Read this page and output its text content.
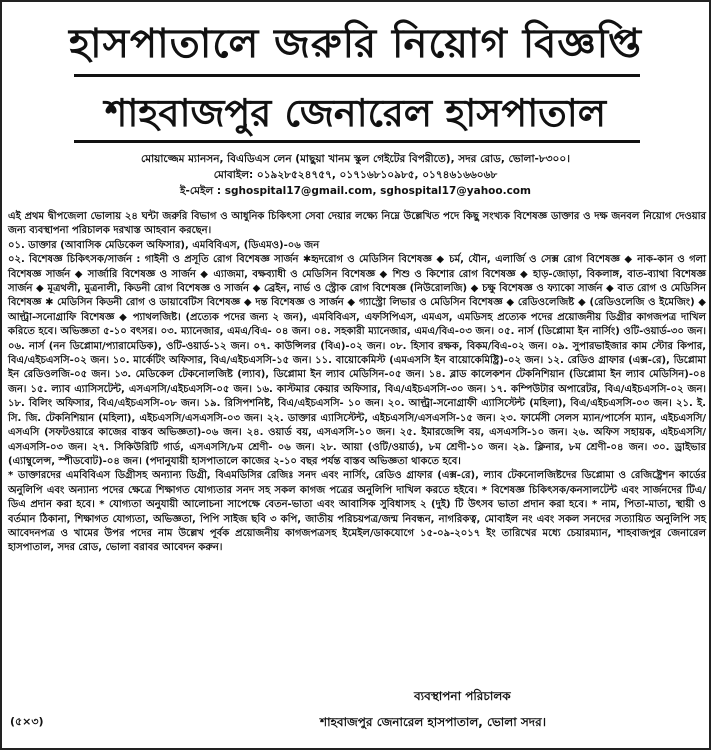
হাসপাতালে জরুরি নিয়োগ বিজ্ঞপ্তি
শাহবাজপুর জেনারেল হাসপাতাল
মোয়াজ্জেম ম্যানসন, বিএডিএস লেন (মাছুয়া খানম স্কুল গেইটের বিপরীতে), সদর রোড, ভোলা-৮৩০০।
মোবাইল: ০১৯২৮৫২৪৭৫৭, ০১৭১৬৮১০৯৮৫, ০১৭৪৬১৬৬০৬৮
ই-মেইল : sghospital17@gmail.com, sghospital17@yahoo.com

এই প্রথম দ্বীপজেলা ভোলায় ২৪ ঘন্টা জরুরি বিভাগ ও আধুনিক চিকিৎসা সেবা দেয়ার লক্ষ্যে নিম্নে উল্লেখিত পদে কিছু সংখ্যক বিশেষজ্ঞ ডাক্তার ও দক্ষ জনবল নিয়োগ দেওয়ার জন্য ব্যবস্থাপনা পরিচালক দরখাস্ত আহবান করছেন।

০১. ডাক্তার (আবাসিক মেডিকেল অফিসার), এমবিবিএস, (ডিএমও)-০৬ জন

০২. বিশেষজ্ঞ চিকিৎসক/সার্জন : গাইনী ও প্রসূতি রোগ বিশেষজ্ঞ সার্জন ✱হৃদরোগ ও মেডিসিন বিশেষজ্ঞ ◆ চর্ম, যৌন, এলার্জি ও সেক্স রোগ বিশেষজ্ঞ ◆ নাক-কান ও গলা বিশেষজ্ঞ সার্জন ◆ সার্জারি বিশেষজ্ঞ ও সার্জন ◆ এ্যাজমা, বক্ষব্যাধী ও মেডিসিন বিশেষজ্ঞ ◆ শিশু ও কিশোর রোগ বিশেষজ্ঞ ◆ হাড়-জোড়া, বিকলাঙ্গ, বাত-ব্যাথা বিশেষজ্ঞ সার্জন ◆ মূত্রথলী, মুত্রনালী, কিডনী রোগ বিশেষজ্ঞ ও সার্জন ◆ ব্রেইন, নার্ভ ও স্ট্রোক রোগ বিশেষজ্ঞ (নিউরোলজি) ◆ চক্ষু বিশেষজ্ঞ ও ফ্যাকো সার্জন ◆ বাত রোগ ও মেডিসিন বিশেষজ্ঞ ✱ মেডিসিন কিডনী রোগ ও ডায়াবেটিস বিশেষজ্ঞ ◆ দন্ত বিশেষজ্ঞ ও সার্জন ◆ গ্যাস্ট্রো লিভার ও মেডিসিন বিশেষজ্ঞ ◆ রেডিওলেজিষ্ট ◆ (রেডিওলেজি ও ইমেজিং) ◆ আল্ট্রা-সনোগ্রাফি বিশেষজ্ঞ ◆ প্যাথলজিষ্ট। (প্রত্যেক পদের জন্য ২ জন), এমবিবিএস, এফসিপিএস, এমএস, এমডিসহ প্রত্যেক পদের প্রয়োজনীয় ডিগ্রীর কাগজপত্র দাখিল করিতে হবে। অভিজ্ঞতা ৫-১০ বৎসর। ০৩. ম্যানেজার, এমএ/বিএ- ০৪ জন। ০৪. সহকারী ম্যানেজার, এমএ/বিএ-০৩ জন। ০৫. নার্স (ডিপ্লোমা ইন নার্সিং) ওটি-ওয়ার্ড-৩০ জন। ০৬. নার্স (নন ডিপ্লোমা/প্যারামেডিক), ওটি-ওয়ার্ড-১২ জন। ০৭. কাউন্সিলর (বিএ)-০২ জন। ০৮. হিসাব রক্ষক, বিকম/বিএ-০২ জন। ০৯. সুপারভাইজার কাম স্টোর কিপার, বিএ/এইচএসসি-০২ জন। ১০. মার্কেটিং অফিসার, বিএ/এইচএসসি-১৫ জন। ১১. বায়োকেমিস্ট (এমএসসি ইন বায়োকেমিষ্ট্রি)-০২ জন। ১২. রেডিও গ্রাফার (এক্স-রে), ডিপ্লোমা ইন রেডিওলজি-০৫ জন। ১৩. মেডিকেল টেকনোলজিষ্ট (ল্যাব), ডিপ্লোমা ইন ল্যাব মেডিসিন-০৫ জন। ১৪. ব্লাড কালেকশন টেকনিশিয়ান (ডিপ্লোমা ইন ল্যাব মেডিসিন)-০৪ জন। ১৫. ল্যাব এ্যাসিসটেন্ট, এসএসসি/এইচএসসি-০৫ জন। ১৬. কাস্টমার কেয়ার অফিসার, বিএ/এইচএসসি-৩০ জন। ১৭. কম্পিউটার অপারেটর, বিএ/এইচএসসি-০২ জন। ১৮. বিলিং অফিসার, বিএ/এইচএসসি-০৮ জন। ১৯. রিসিপশনিষ্ট, বিএ/এইচএসসি- ১০ জন। ২০. আল্ট্রা-সনোগ্রাফী এ্যাসিস্টেন্ট (মহিলা), বিএ/এইচএসসি-০৩ জন। ২১. ই. সি. জি. টেকনিশিয়ান (মহিলা), এইচএসসি/এসএসসি-০৩ জন। ২২. ডাক্তার এ্যাসিস্টেন্ট, এইচএসসি/এসএসসি-১৫ জন। ২৩. ফার্মেসী সেলস ম্যান/পার্সেস ম্যান, এইচএসসি/এসএসি (সফটওয়ারে কাজের বাস্তব অভিজ্ঞতা)-০৬ জন। ২৪. ওয়ার্ড বয়, এসএসসি-১০ জন। ২৫. ইমারজেন্সি বয়, এসএসসি-১০ জন। ২৬. অফিস সহায়ক, এইচএসসি/এসএসসি-০৩ জন। ২৭. সিকিউরিটি গার্ড, এসএসসি/৮ম শ্রেণী- ০৬ জন। ২৮. আয়া (ওটি/ওয়ার্ড), ৮ম শ্রেণী-১০ জন। ২৯. ক্লিনার, ৮ম শ্রেণী-০৪ জন। ৩০. ড্রাইভার (এ্যাম্বুলেন্স, স্পীডবোট)-০৪ জন। (পদানুযায়ী হাসপাতালে কাজের ২-১০ বছর পর্যন্ত বাস্তব অভিজ্ঞতা থাকতে হবে।

* ডাক্তারদের এমবিবিএস ডিগ্রীসহ অন্যান্য ডিগ্রী, বিএমডিসির রেজিঃ সনদ এবং নার্সিং, রেডিও গ্রাফার (এক্স-রে), ল্যাব টেকনোলজিষ্টদের ডিপ্লোমা ও রেজিষ্ট্রেশন কার্ডের অনুলিপি এবং অন্যান্য পদের ক্ষেত্রে শিক্ষাগত যোগ্যতার সনদ সহ সকল কাগজ পত্রের অনুলিপি দাখিল করতে হইবে। * বিশেষজ্ঞ চিকিৎসক/কনসালটেন্ট এবং সার্জনদের টিএ/ডিএ প্রদান করা হবে। * যোগ্যতা অনুযায়ী আলোচনা সাপেক্ষে বেতন-ভাতা এবং আবাসিক সুবিধাসহ ২ (দুই) টি উৎসব ভাতা প্রদান করা হবে। * নাম, পিতা-মাতা, স্থায়ী ও বর্তমান ঠিকানা, শিক্ষাগত যোগ্যতা, অভিজ্ঞতা, পিপি সাইজ ছবি ৩ কপি, জাতীয় পরিচয়পত্র/জন্ম নিবন্ধন, নাগরিকত্ব, মোবাইল নং এবং সকল সনদের সত্যায়িত অনুলিপি সহ আবেদনপত্র ও খামের উপর পদের নাম উল্লেখ পূর্বক প্রয়োজনীয় কাগজপত্রসহ ইমেইল/ডাকযোগে ১৫-০৯-২০১৭ ইং তারিখের মধ্যে চেয়ারম্যান, শাহবাজপুর জেনারেল হাসপাতাল, সদর রোড, ভোলা বরাবর আবেদন করুন।

ব্যবস্থাপনা পরিচালক
শাহবাজপুর জেনারেল হাসপাতাল, ভোলা সদর।
(৫×৩)
